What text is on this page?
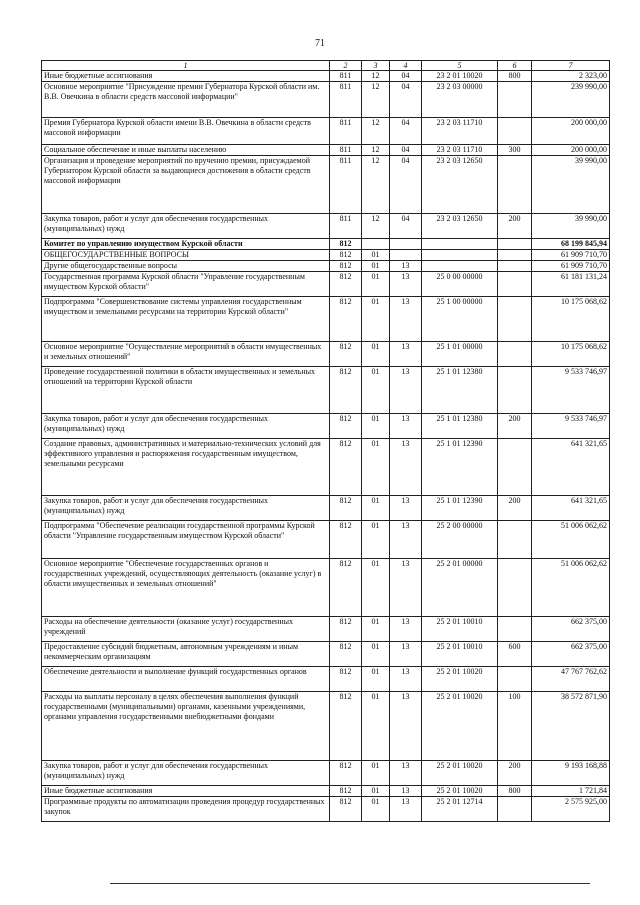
71
1	2	3	4	5	6	7
Иные бюджетные ассигнования	811	12	04	23 2 01 10020	800	2 323,00
Основное мероприятие "Присуждение премии Губернатора Курской области им. В.В. Овечкина в области средств массовой информации"	811	12	04	23 2 03 00000		239 990,00
Премия Губернатора Курской области имени В.В. Овечкина в области средств массовой информации	811	12	04	23 2 03 11710		200 000,00
Социальное обеспечение и иные выплаты населению	811	12	04	23 2 03 11710	300	200 000,00
Организация и проведение мероприятий по вручению премии, присуждаемой Губернатором Курской области за выдающиеся достижения в области средств массовой информации	811	12	04	23 2 03 12650		39 990,00
Закупка товаров, работ и услуг для обеспечения государственных (муниципальных) нужд	811	12	04	23 2 03 12650	200	39 990,00
Комитет по управлению имуществом Курской области	812					68 199 845,94
ОБЩЕГОСУДАРСТВЕННЫЕ ВОПРОСЫ	812	01				61 909 710,70
Другие общегосударственные вопросы	812	01	13			61 909 710,70
Государственная программа Курской области "Управление государственным имуществом Курской области"	812	01	13	25 0 00 00000		61 181 131,24
Подпрограмма "Совершенствование системы управления государственным имуществом и земельными ресурсами на территории Курской области"	812	01	13	25 1 00 00000		10 175 068,62
Основное мероприятие "Осуществление мероприятий в области имущественных и земельных отношений"	812	01	13	25 1 01 00000		10 175 068,62
Проведение государственной политики в области имущественных и земельных отношений на территории Курской области	812	01	13	25 1 01 12380		9 533 746,97
Закупка товаров, работ и услуг для обеспечения государственных (муниципальных) нужд	812	01	13	25 1 01 12380	200	9 533 746,97
Создание правовых, административных и материально-технических условий для эффективного управления и распоряжения государственным имуществом, земельными ресурсами	812	01	13	25 1 01 12390		641 321,65
Закупка товаров, работ и услуг для обеспечения государственных (муниципальных) нужд	812	01	13	25 1 01 12390	200	641 321,65
Подпрограмма "Обеспечение реализации государственной программы Курской области "Управление государственным имуществом Курской области"	812	01	13	25 2 00 00000		51 006 062,62
Основное мероприятие "Обеспечение государственных органов и государственных учреждений, осуществляющих деятельность (оказание услуг) в области имущественных и земельных отношений"	812	01	13	25 2 01 00000		51 006 062,62
Расходы на обеспечение деятельности (оказание услуг) государственных учреждений	812	01	13	25 2 01 10010		662 375,00
Предоставление субсидий бюджетным, автономным учреждениям и иным некоммерческим организациям	812	01	13	25 2 01 10010	600	662 375,00
Обеспечение деятельности и выполнение функций государственных органов	812	01	13	25 2 01 10020		47 767 762,62
Расходы на выплаты персоналу в целях обеспечения выполнения функций государственными (муниципальными) органами, казенными учреждениями, органами управления государственными внебюджетными фондами	812	01	13	25 2 01 10020	100	38 572 871,90
Закупка товаров, работ и услуг для обеспечения государственных (муниципальных) нужд	812	01	13	25 2 01 10020	200	9 193 168,88
Иные бюджетные ассигнования	812	01	13	25 2 01 10020	800	1 721,84
Программные продукты по автоматизации проведения процедур государственных закупок	812	01	13	25 2 01 12714		2 575 925,00
